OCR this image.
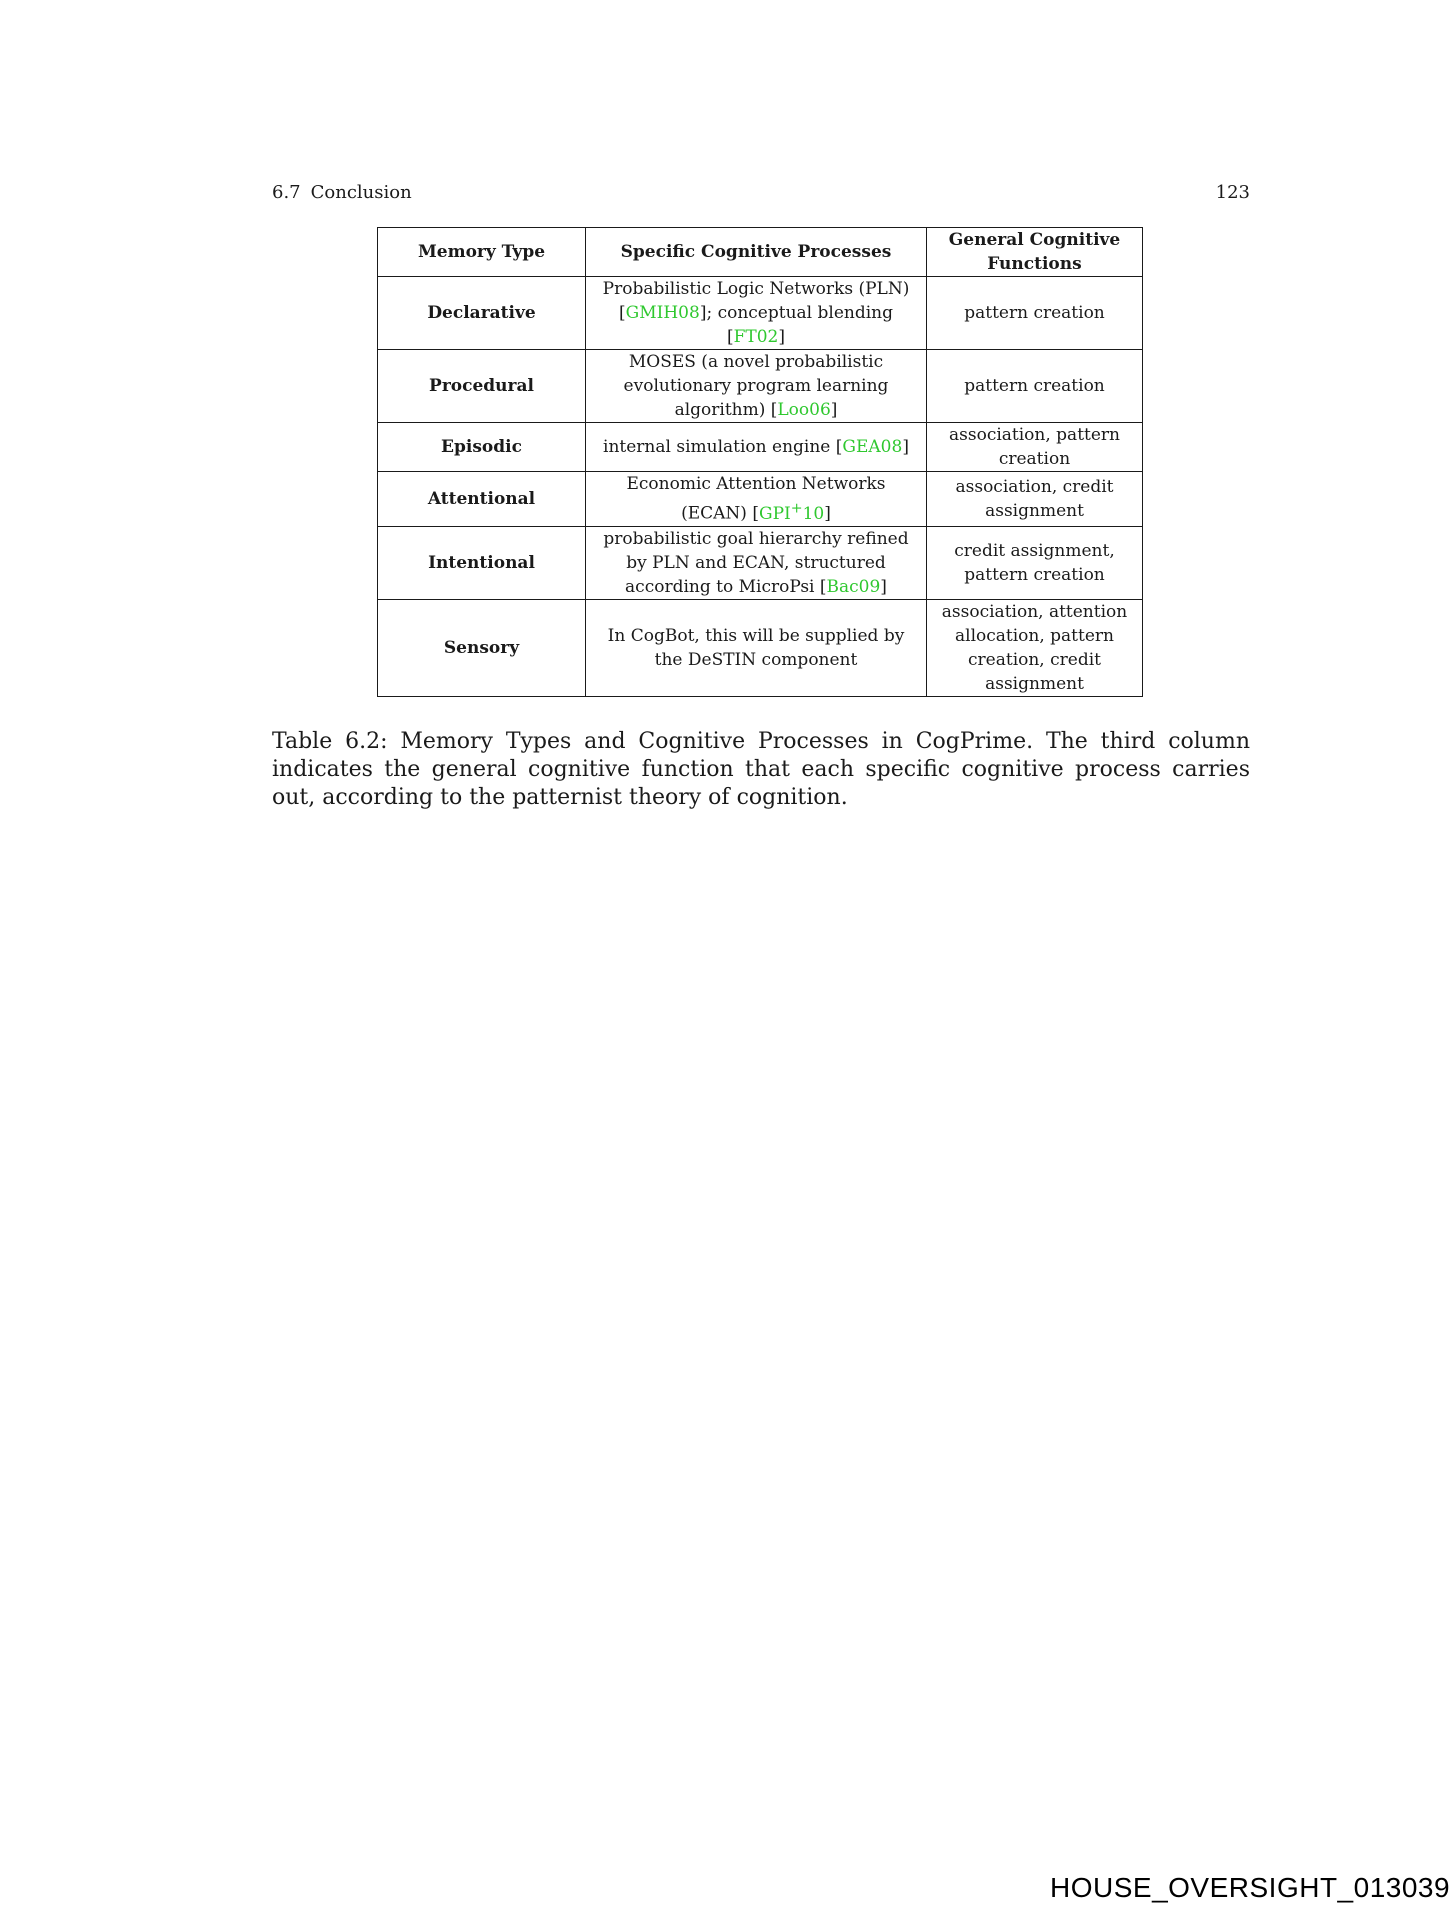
6.7 Conclusion	123
Memory Type	Specific Cognitive Processes	General Cognitive Functions
Declarative	Probabilistic Logic Networks (PLN) [GMIH08]; conceptual blending [FT02]	pattern creation
Procedural	MOSES (a novel probabilistic evolutionary program learning algorithm) [Loo06]	pattern creation
Episodic	internal simulation engine [GEA08]	association, pattern creation
Attentional	Economic Attention Networks (ECAN) [GPI+10]	association, credit assignment
Intentional	probabilistic goal hierarchy refined by PLN and ECAN, structured according to MicroPsi [Bac09]	credit assignment, pattern creation
Sensory	In CogBot, this will be supplied by the DeSTIN component	association, attention allocation, pattern creation, credit assignment

Table 6.2: Memory Types and Cognitive Processes in CogPrime. The third column indicates the general cognitive function that each specific cognitive process carries out, according to the patternist theory of cognition.

HOUSE_OVERSIGHT_013039
